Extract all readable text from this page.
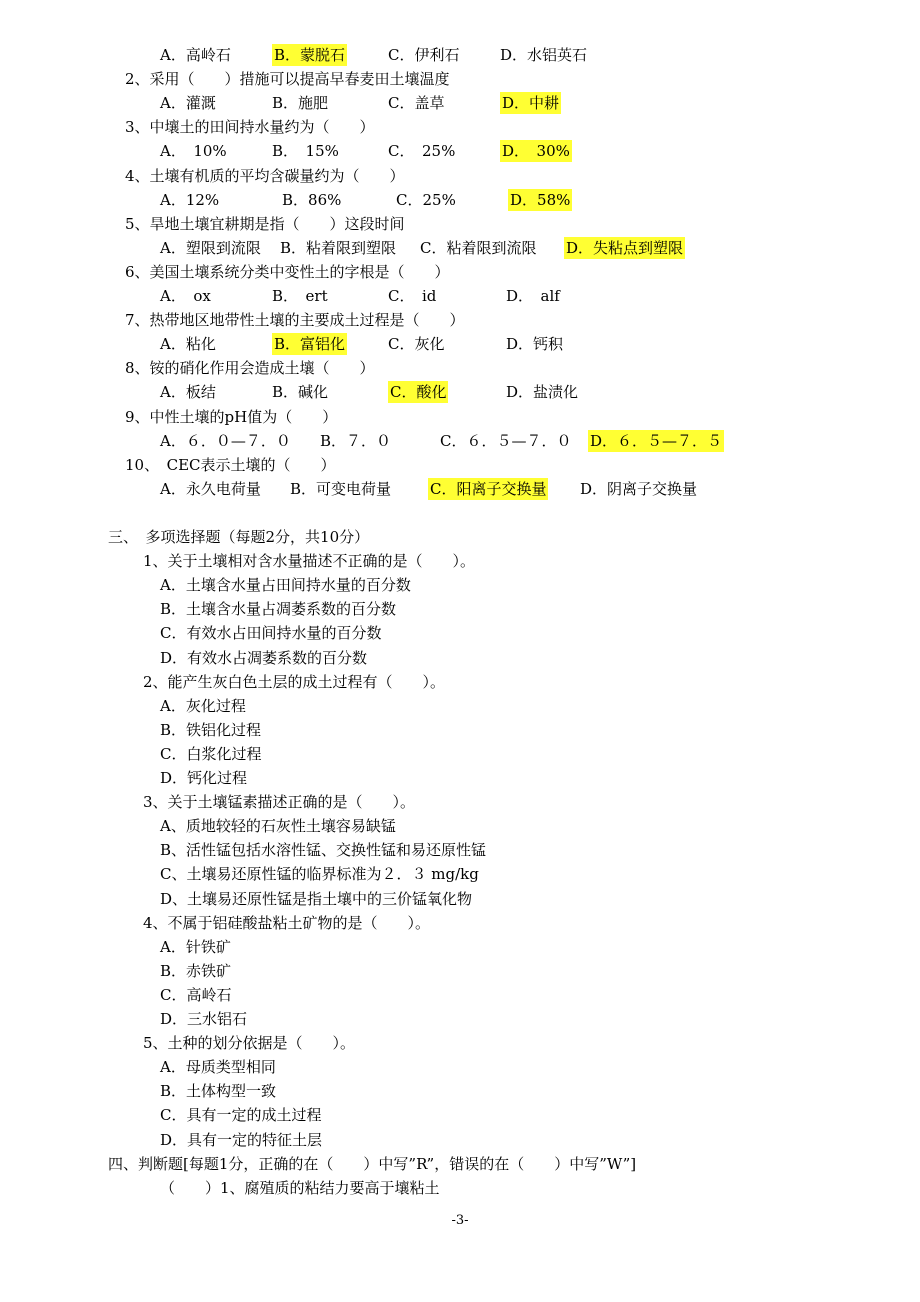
A．高岭石	B．蒙脱石	C．伊利石	D．水铝英石
2、采用（　　）措施可以提高早春麦田土壤温度
A．灌溉	B．施肥	C．盖草	D．中耕
3、中壤土的田间持水量约为（　　）
A．　10%	B．　15%	C．　25%	D．　30%
4、土壤有机质的平均含碳量约为（　　）
A．12%	B．86%	C．25%	D．58%
5、旱地土壤宜耕期是指（　　）这段时间
A．塑限到流限 B．粘着限到塑限 C．粘着限到流限 D．失粘点到塑限
6、美国土壤系统分类中变性土的字根是（　　）
A．　ox	B．　ert	C．　id	D．　alf
7、热带地区地带性土壤的主要成土过程是（　　）
A．粘化	B．富铝化	C．灰化	D．钙积
8、铵的硝化作用会造成土壤（　　）
A．板结	B．碱化	C．酸化	D．盐渍化
9、中性土壤的pH值为（　　）
A．６．０—７．０ B．７．０	C．６．５—７．０ D．６．５—７．５
10、　CEC表示土壤的（　　）
A．永久电荷量 B．可变电荷量	C．阳离子交换量 D．阴离子交换量
三、　多项选择题（每题2分，共10分）
1、关于土壤相对含水量描述不正确的是（　　）。
A．土壤含水量占田间持水量的百分数
B．土壤含水量占凋萎系数的百分数
C．有效水占田间持水量的百分数
D．有效水占凋萎系数的百分数
2、能产生灰白色土层的成土过程有（　　）。
A．灰化过程
B．铁铝化过程
C．白浆化过程
D．钙化过程
3、关于土壤锰素描述正确的是（　　）。
A、质地较轻的石灰性土壤容易缺锰
B、活性锰包括水溶性锰、交换性锰和易还原性锰
C、土壤易还原性锰的临界标准为２．３ mg/kg
D、土壤易还原性锰是指土壤中的三价锰氧化物
4、不属于铝硅酸盐粘土矿物的是（　　）。
A．针铁矿
B．赤铁矿
C．高岭石
D．三水铝石
5、土种的划分依据是（　　）。
A．母质类型相同
B．土体构型一致
C．具有一定的成土过程
D．具有一定的特征土层
四、判断题[每题1分，正确的在（　　）中写”R”，错误的在（　　）中写”W”]
（　　）1、腐殖质的粘结力要高于壤粘土
-3-
